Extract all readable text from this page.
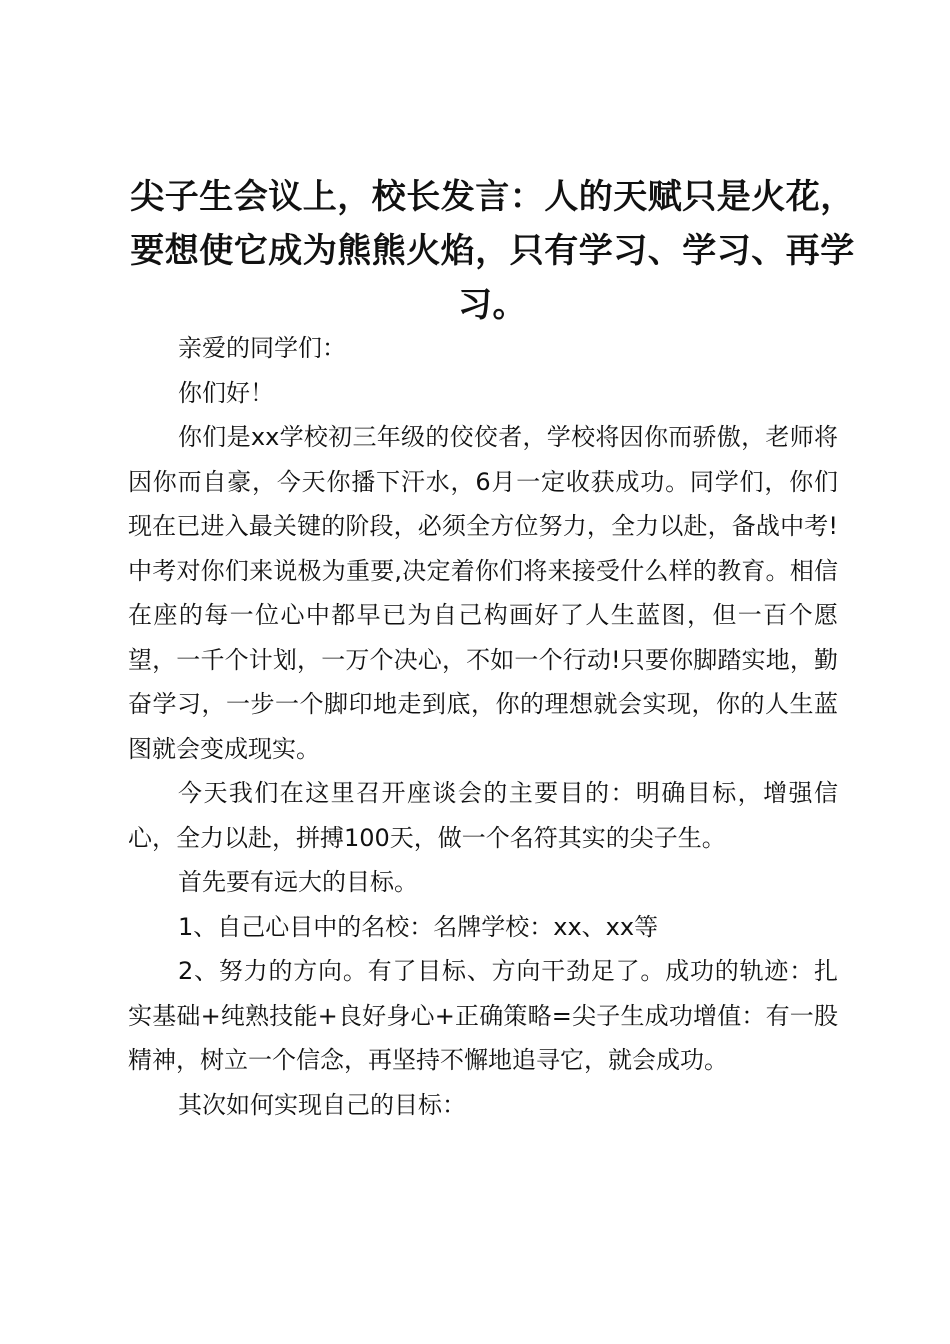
尖子生会议上，校长发言：人的天赋只是火花，要想使它成为熊熊火焰，只有学习、学习、再学习。

亲爱的同学们：

你们好！

你们是xx学校初三年级的佼佼者，学校将因你而骄傲，老师将因你而自豪，今天你播下汗水，6月一定收获成功。同学们，你们现在已进入最关键的阶段，必须全方位努力，全力以赴，备战中考!中考对你们来说极为重要,决定着你们将来接受什么样的教育。相信在座的每一位心中都早已为自己构画好了人生蓝图，但一百个愿望，一千个计划，一万个决心，不如一个行动!只要你脚踏实地，勤奋学习，一步一个脚印地走到底，你的理想就会实现，你的人生蓝图就会变成现实。

今天我们在这里召开座谈会的主要目的：明确目标，增强信心，全力以赴，拼搏100天，做一个名符其实的尖子生。

首先要有远大的目标。

1、自己心目中的名校：名牌学校：xx、xx等

2、努力的方向。有了目标、方向干劲足了。成功的轨迹：扎实基础+纯熟技能+良好身心+正确策略=尖子生成功增值：有一股精神，树立一个信念，再坚持不懈地追寻它，就会成功。

其次如何实现自己的目标：
